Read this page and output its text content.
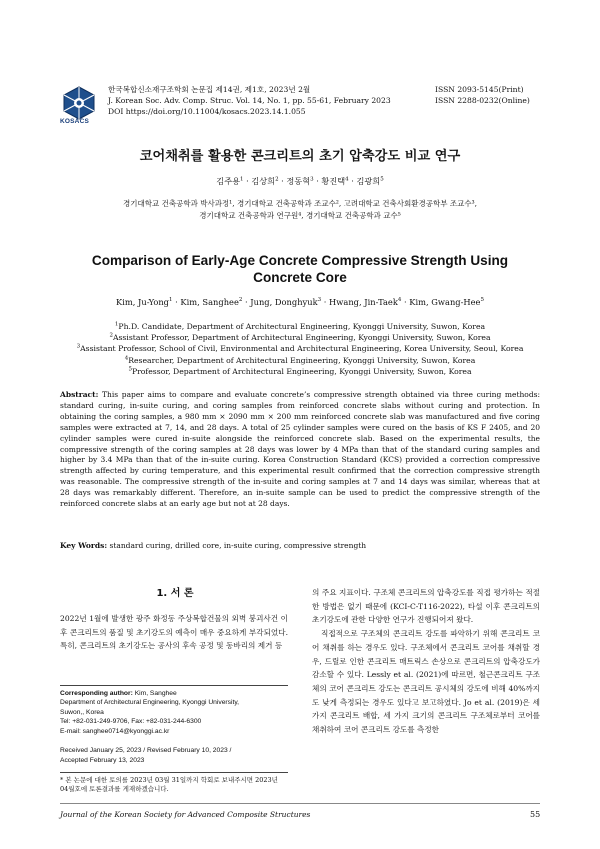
KOSACS
한국복합신소재구조학회 논문집 제14권, 제1호, 2023년 2월
J. Korean Soc. Adv. Comp. Struc. Vol. 14, No. 1, pp. 55-61, February 2023
DOI https://doi.org/10.11004/kosacs.2023.14.1.055
ISSN 2093-5145(Print)
ISSN 2288-0232(Online)
코어채취를 활용한 콘크리트의 초기 압축강도 비교 연구
김주용$^1$ · 김상희$^2$ · 정동혁$^3$ · 황진택$^4$ · 김광희$^5$
경기대학교 건축공학과 박사과정¹, 경기대학교 건축공학과 조교수², 고려대학교 건축사회환경공학부 조교수³,
경기대학교 건축공학과 연구원⁴, 경기대학교 건축공학과 교수⁵
Comparison of Early-Age Concrete Compressive Strength Using
Concrete Core
Kim, Ju-Yong$^1$ · Kim, Sanghee$^2$ · Jung, Donghyuk$^3$ · Hwang, Jin-Taek$^4$ · Kim, Gwang-Hee$^5$
$^1$Ph.D. Candidate, Department of Architectural Engineering, Kyonggi University, Suwon, Korea
$^2$Assistant Professor, Department of Architectural Engineering, Kyonggi University, Suwon, Korea
$^3$Assistant Professor, School of Civil, Environmental and Architectural Engineering, Korea University, Seoul, Korea
$^4$Researcher, Department of Architectural Engineering, Kyonggi University, Suwon, Korea
$^5$Professor, Department of Architectural Engineering, Kyonggi University, Suwon, Korea
Abstract: This paper aims to compare and evaluate concrete’s compressive strength obtained via three curing methods: standard curing, in-suite curing, and coring samples from reinforced concrete slabs without curing and protection. In obtaining the coring samples, a 980 mm × 2090 mm × 200 mm reinforced concrete slab was manufactured and five coring samples were extracted at 7, 14, and 28 days. A total of 25 cylinder samples were cured on the basis of KS F 2405, and 20 cylinder samples were cured in-suite alongside the reinforced concrete slab. Based on the experimental results, the compressive strength of the coring samples at 28 days was lower by 4 MPa than that of the standard curing samples and higher by 3.4 MPa than that of the in-suite curing. Korea Construction Standard (KCS) provided a correction compressive strength affected by curing temperature, and this experimental result confirmed that the correction compressive strength was reasonable. The compressive strength of the in-suite and coring samples at 7 and 14 days was similar, whereas that at 28 days was remarkably different. Therefore, an in-suite sample can be used to predict the compressive strength of the reinforced concrete slabs at an early age but not at 28 days.
Key Words: standard curing, drilled core, in-suite curing, compressive strength
1. 서 론

2022년 1월에 발생한 광주 화정동 주상복합건물의 외벽 붕괴사건 이후 콘크리트의 품질 및 초기강도의 예측이 매우 중요하게 부각되었다. 특히, 콘크리트의 초기강도는 공사의 후속 공정 및 동바리의 제거 등

Corresponding author: Kim, Sanghee
Department of Architectural Engineering, Kyonggi University,
Suwon,, Korea
Tel: +82-031-249-9706, Fax: +82-031-244-6300
E-mail: sanghee0714@kyonggi.ac.kr
Received January 25, 2023 / Revised February 10, 2023 /
Accepted February 13, 2023
* 본 논문에 대한 토의를 2023년 03월 31일까지 학회로 보내주시면 2023년 04월호에 토론결과를 게재하겠습니다.

의 주요 지표이다. 구조체 콘크리트의 압축강도를 직접 평가하는 적절한 방법은 없기 때문에 (KCI-C-T116-2022), 타설 이후 콘크리트의 초기강도에 관한 다양한 연구가 진행되어져 왔다.

직접적으로 구조체의 콘크리트 강도를 파악하기 위해 콘크리트 코어 채취를 하는 경우도 있다. 구조체에서 콘크리트 코어를 채취할 경우, 드릴로 인한 콘크리트 매트릭스 손상으로 콘크리트의 압축강도가 감소할 수 있다. Lessly et al. (2021)에 따르면, 철근콘크리트 구조체의 코어 콘크리트 강도는 콘크리트 공시체의 강도에 비해 40%까지도 낮게 측정되는 경우도 있다고 보고하였다. Jo et al. (2019)은 세 가지 콘크리트 배합, 세 가지 크기의 콘크리트 구조체로부터 코어를 채취하여 코어 콘크리트 강도를 측정한

Journal of the Korean Society for Advanced Composite Structures	55
